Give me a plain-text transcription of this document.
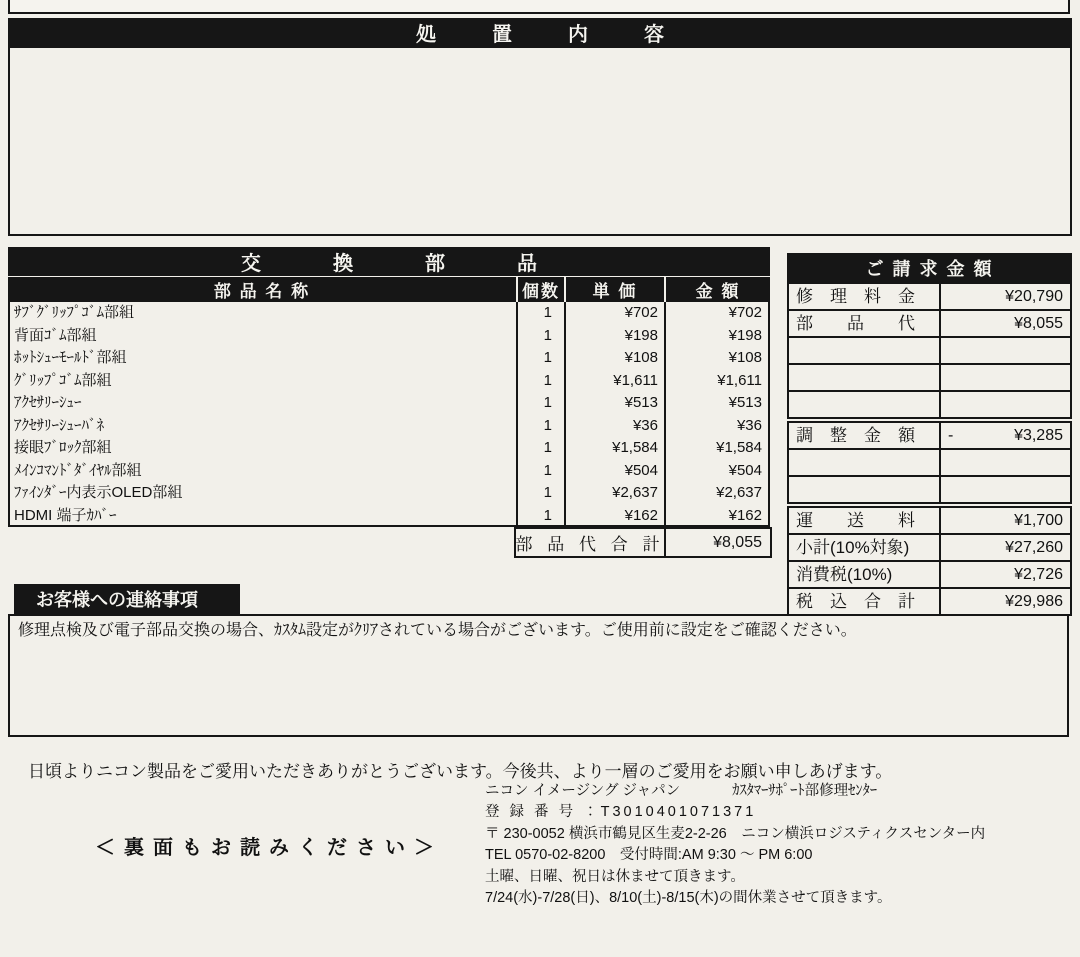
処　置　内　容
交　換　部　品
部 品 名 称	個数	単 価	金 額
ｻﾌﾞｸﾞﾘｯﾌﾟｺﾞﾑ部組	1	¥702	¥702
背面ｺﾞﾑ部組	1	¥198	¥198
ﾎｯﾄｼｭｰﾓｰﾙﾄﾞ部組	1	¥108	¥108
ｸﾞﾘｯﾌﾟｺﾞﾑ部組	1	¥1,611	¥1,611
ｱｸｾｻﾘｰｼｭｰ	1	¥513	¥513
ｱｸｾｻﾘｰｼｭｰﾊﾞﾈ	1	¥36	¥36
接眼ﾌﾞﾛｯｸ部組	1	¥1,584	¥1,584
ﾒｲﾝｺﾏﾝﾄﾞﾀﾞｲﾔﾙ部組	1	¥504	¥504
ﾌｧｲﾝﾀﾞｰ内表示OLED部組	1	¥2,637	¥2,637
HDMI 端子ｶﾊﾞｰ	1	¥162	¥162
部 品 代 合 計	¥8,055
ご 請 求 金 額
修　理　料　金	¥20,790
部　　品　　代	¥8,055
調　整　金　額	-	¥3,285
運　　送　　料	¥1,700
小計(10%対象)	¥27,260
消費税(10%)	¥2,726
税　込　合　計	¥29,986
お客様への連絡事項
修理点検及び電子部品交換の場合、ｶｽﾀﾑ設定がｸﾘｱされている場合がございます。ご使用前に設定をご確認ください。
日頃よりニコン製品をご愛用いただきありがとうございます。今後共、より一層のご愛用をお願い申しあげます。
＜裏面もお読みください＞
ニコン イメージング ジャパン	ｶｽﾀﾏｰｻﾎﾟｰﾄ部修理ｾﾝﾀｰ
登 録 番 号 ：T3010401071371
〒 230-0052 横浜市鶴見区生麦2-2-26　ニコン横浜ロジスティクスセンター内
TEL 0570-02-8200　受付時間:AM 9:30 ～ PM 6:00
土曜、日曜、祝日は休ませて頂きます。
7/24(水)-7/28(日)、8/10(土)-8/15(木)の間休業させて頂きます。
